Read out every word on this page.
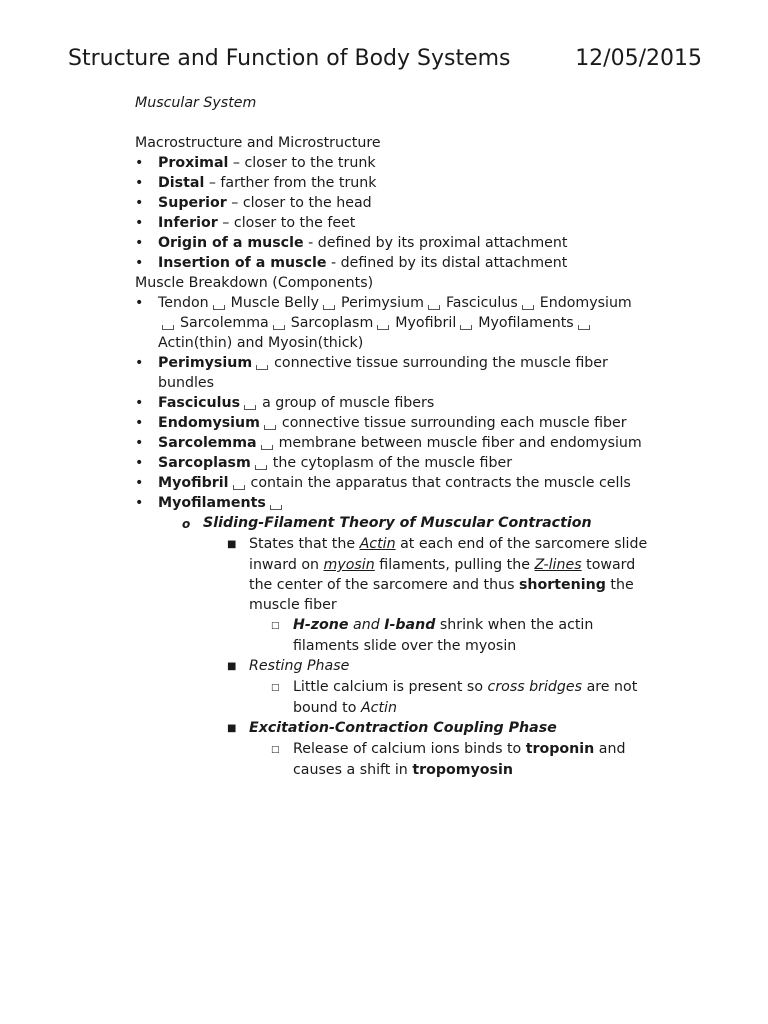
Structure and Function of Body Systems	12/05/2015
Muscular System
Macrostructure and Microstructure
•	Proximal – closer to the trunk
•	Distal – farther from the trunk
•	Superior – closer to the head
•	Inferior – closer to the feet
•	Origin of a muscle - defined by its proximal attachment
•	Insertion of a muscle - defined by its distal attachment
Muscle Breakdown (Components)
•	Tendon Muscle Belly Perimysium Fasciculus Endomysium
Sarcolemma Sarcoplasm Myofibril Myofilaments
Actin(thin) and Myosin(thick)
•	Perimysium connective tissue surrounding the muscle fiber
bundles
•	Fasciculus a group of muscle fibers
•	Endomysium connective tissue surrounding each muscle fiber
•	Sarcolemma membrane between muscle fiber and endomysium
•	Sarcoplasm the cytoplasm of the muscle fiber
•	Myofibril contain the apparatus that contracts the muscle cells
•	Myofilaments
o Sliding-Filament Theory of Muscular Contraction
■ States that the Actin at each end of the sarcomere slide
inward on myosin filaments, pulling the Z-lines toward
the center of the sarcomere and thus shortening the
muscle fiber
□ H-zone and I-band shrink when the actin
filaments slide over the myosin
■ Resting Phase
□ Little calcium is present so cross bridges are not
bound to Actin
■ Excitation-Contraction Coupling Phase
□ Release of calcium ions binds to troponin and
causes a shift in tropomyosin
